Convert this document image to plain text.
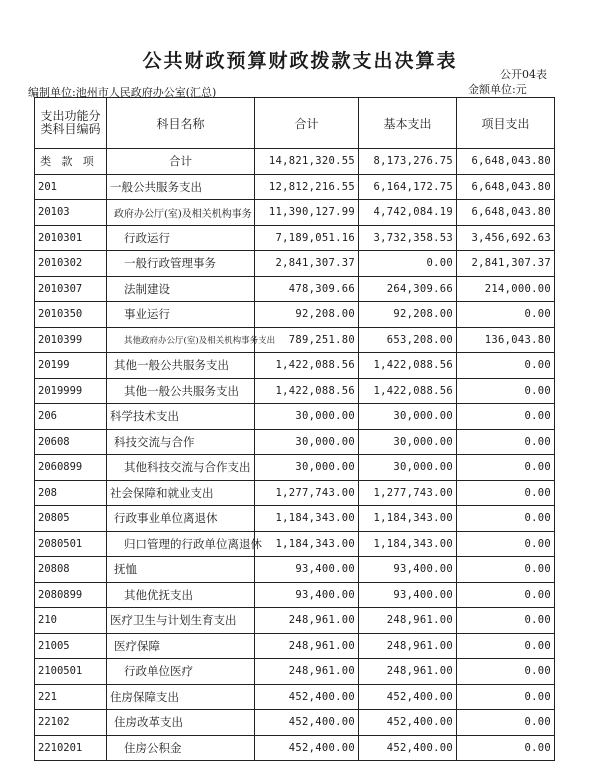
公共财政预算财政拨款支出决算表
公开04表
编制单位:池州市人民政府办公室(汇总)	金额单位:元
支出功能分类科目编码	科目名称	合计	基本支出	项目支出
类 款 项	合计	14,821,320.55	8,173,276.75	6,648,043.80
201	一般公共服务支出	12,812,216.55	6,164,172.75	6,648,043.80
20103	政府办公厅(室)及相关机构事务	11,390,127.99	4,742,084.19	6,648,043.80
2010301	行政运行	7,189,051.16	3,732,358.53	3,456,692.63
2010302	一般行政管理事务	2,841,307.37	0.00	2,841,307.37
2010307	法制建设	478,309.66	264,309.66	214,000.00
2010350	事业运行	92,208.00	92,208.00	0.00
2010399	其他政府办公厅(室)及相关机构事务支出	789,251.80	653,208.00	136,043.80
20199	其他一般公共服务支出	1,422,088.56	1,422,088.56	0.00
2019999	其他一般公共服务支出	1,422,088.56	1,422,088.56	0.00
206	科学技术支出	30,000.00	30,000.00	0.00
20608	科技交流与合作	30,000.00	30,000.00	0.00
2060899	其他科技交流与合作支出	30,000.00	30,000.00	0.00
208	社会保障和就业支出	1,277,743.00	1,277,743.00	0.00
20805	行政事业单位离退休	1,184,343.00	1,184,343.00	0.00
2080501	归口管理的行政单位离退休	1,184,343.00	1,184,343.00	0.00
20808	抚恤	93,400.00	93,400.00	0.00
2080899	其他优抚支出	93,400.00	93,400.00	0.00
210	医疗卫生与计划生育支出	248,961.00	248,961.00	0.00
21005	医疗保障	248,961.00	248,961.00	0.00
2100501	行政单位医疗	248,961.00	248,961.00	0.00
221	住房保障支出	452,400.00	452,400.00	0.00
22102	住房改革支出	452,400.00	452,400.00	0.00
2210201	住房公积金	452,400.00	452,400.00	0.00
